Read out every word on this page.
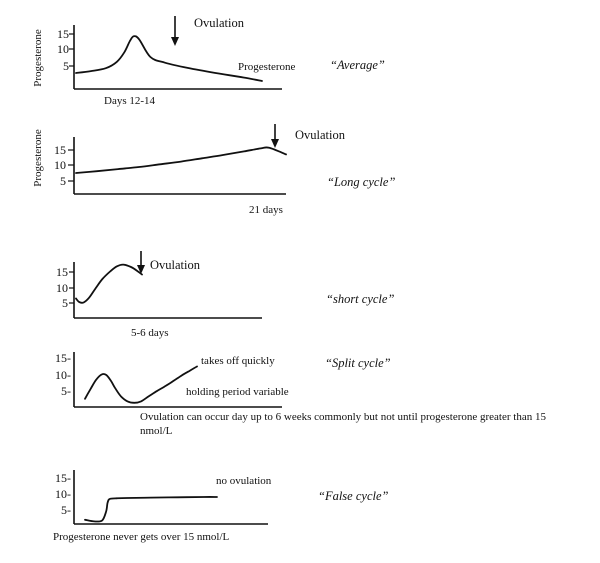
Progesterone 15
10
5
Ovulation
Progesterone
Days 12-14
“Average”
Progesterone 15
10
5
Ovulation
21 days
“Long cycle”
15
10
5
Ovulation
5-6 days
“short cycle”
15-
10-
5-
takes off quickly
holding period variable
“Split cycle”
Ovulation can occur day up to 6 weeks commonly but not until progesterone greater than 15 nmol/L
15-
10-
5-
no ovulation
“False cycle”
Progesterone never gets over 15 nmol/L
